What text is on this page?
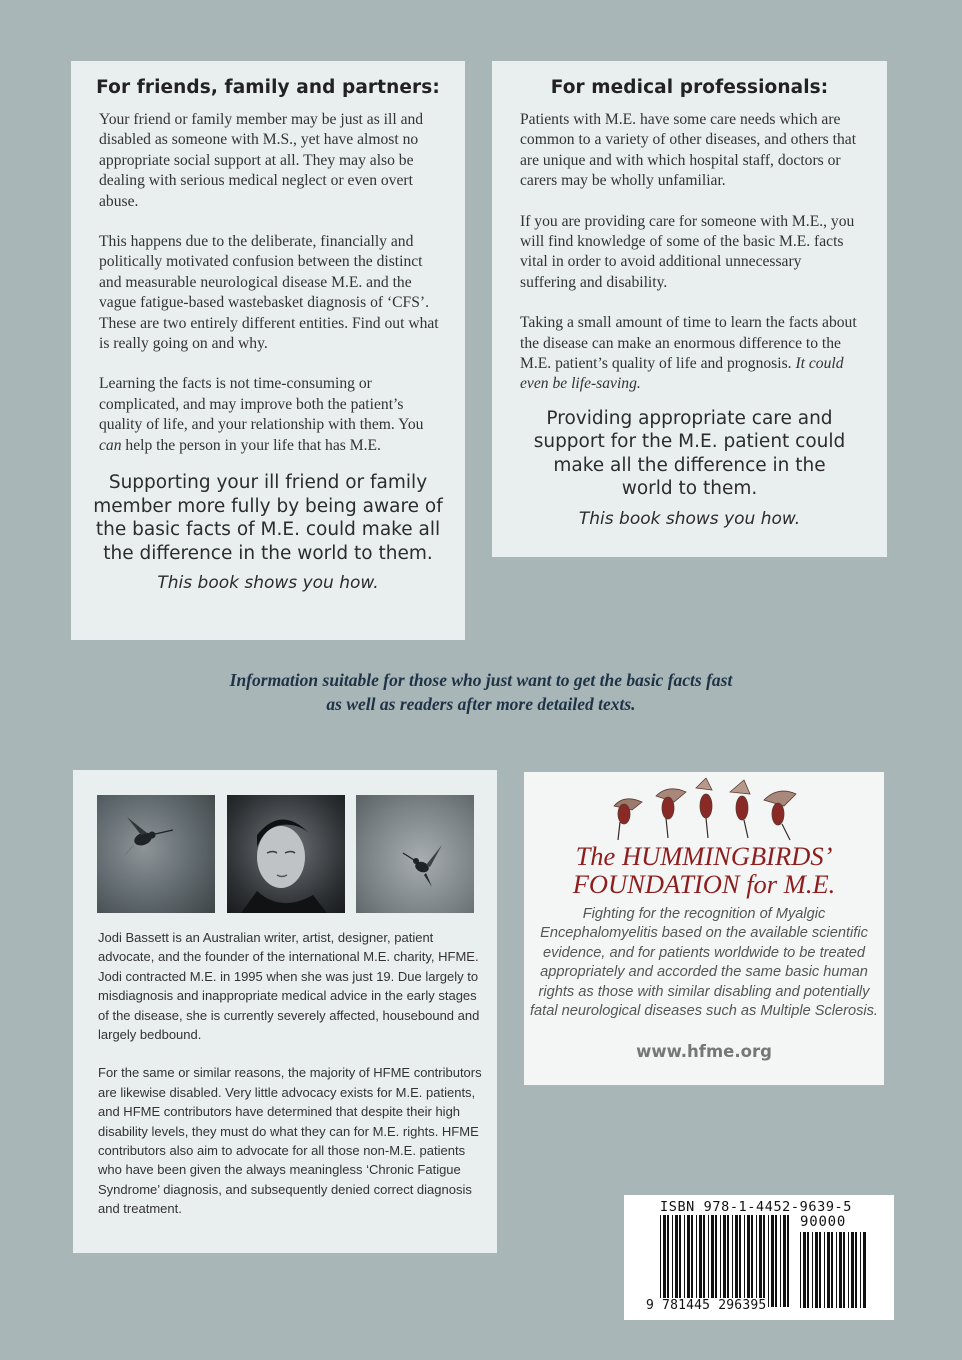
For friends, family and partners:

Your friend or family member may be just as ill and disabled as someone with M.S., yet have almost no appropriate social support at all. They may also be dealing with serious medical neglect or even overt abuse.

This happens due to the deliberate, financially and politically motivated confusion between the distinct and measurable neurological disease M.E. and the vague fatigue-based wastebasket diagnosis of ‘CFS’. These are two entirely different entities. Find out what is really going on and why.

Learning the facts is not time-consuming or complicated, and may improve both the patient’s quality of life, and your relationship with them. You can help the person in your life that has M.E.

Supporting your ill friend or family member more fully by being aware of the basic facts of M.E. could make all the difference in the world to them.
This book shows you how.
For medical professionals:

Patients with M.E. have some care needs which are common to a variety of other diseases, and others that are unique and with which hospital staff, doctors or carers may be wholly unfamiliar.

If you are providing care for someone with M.E., you will find knowledge of some of the basic M.E. facts vital in order to avoid additional unnecessary suffering and disability.

Taking a small amount of time to learn the facts about the disease can make an enormous difference to the M.E. patient’s quality of life and prognosis. It could even be life-saving.

Providing appropriate care and support for the M.E. patient could make all the difference in the world to them.
This book shows you how.
Information suitable for those who just want to get the basic facts fast
as well as readers after more detailed texts.

Jodi Bassett is an Australian writer, artist, designer, patient advocate, and the founder of the international M.E. charity, HFME. Jodi contracted M.E. in 1995 when she was just 19. Due largely to misdiagnosis and inappropriate medical advice in the early stages of the disease, she is currently severely affected, housebound and largely bedbound.

For the same or similar reasons, the majority of HFME contributors are likewise disabled. Very little advocacy exists for M.E. patients, and HFME contributors have determined that despite their high disability levels, they must do what they can for M.E. rights. HFME contributors also aim to advocate for all those non-M.E. patients who have been given the always meaningless ‘Chronic Fatigue Syndrome’ diagnosis, and subsequently denied correct diagnosis and treatment.

The HUMMINGBIRDS’
FOUNDATION for M.E.
Fighting for the recognition of Myalgic Encephalomyelitis based on the available scientific evidence, and for patients worldwide to be treated appropriately and accorded the same basic human rights as those with similar disabling and potentially fatal neurological diseases such as Multiple Sclerosis.
www.hfme.org
ISBN 978-1-4452-9639-5
90000
9 781445 296395
